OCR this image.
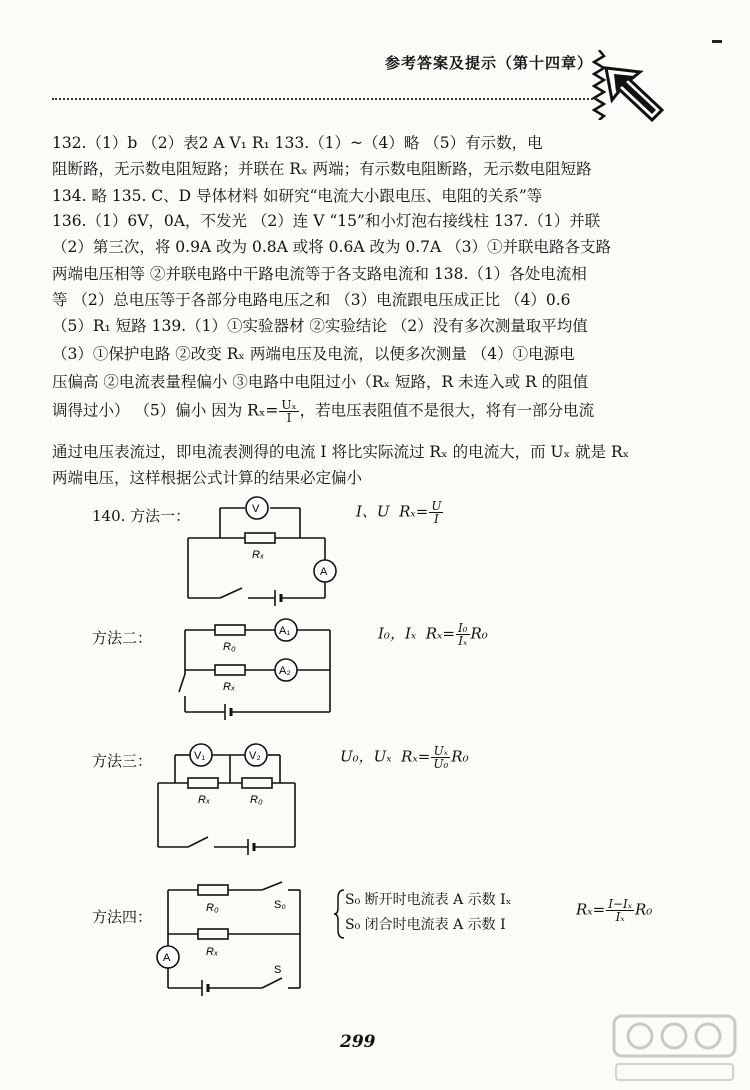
参考答案及提示（第十四章）
132.（1）b （2）表2 A V₁ R₁ 133.（1）~（4）略 （5）有示数，电
阻断路，无示数电阻短路；并联在 Rₓ 两端；有示数电阻断路，无示数电阻短路
134. 略 135. C、D 导体材料 如研究“电流大小跟电压、电阻的关系”等
136.（1）6V，0A，不发光 （2）连 V “15”和小灯泡右接线柱 137.（1）并联
（2）第三次，将 0.9A 改为 0.8A 或将 0.6A 改为 0.7A （3）①并联电路各支路
两端电压相等 ②并联电路中干路电流等于各支路电流和 138.（1）各处电流相
等 （2）总电压等于各部分电路电压之和 （3）电流跟电压成正比 （4）0.6
（5）R₁ 短路 139.（1）①实验器材 ②实验结论 （2）没有多次测量取平均值
（3）①保护电路 ②改变 Rₓ 两端电压及电流，以便多次测量 （4）①电源电
压偏高 ②电流表量程偏小 ③电路中电阻过小（Rₓ 短路，R 未连入或 R 的阻值
调得过小） （5）偏小 因为 $R_x= \frac{\text{Uₓ}}{I}$ ，若电压表阻值不是很大，将有一部分电流
通过电压表流过，即电流表测得的电流 I 将比实际流过 Rₓ 的电流大，而 Uₓ 就是 Rₓ
两端电压，这样根据公式计算的结果必定偏小
140. 方法一：	I、U $R_x= \frac{U}{I}$
V
A
Rₓ
方法二：	I₀，Iₓ $R_x= \frac{\text{I₀}}{\text{Iₓ}} R_0$
A₁
A₂
R₀
Rₓ
方法三：	U₀，Uₓ $R_x= \frac{\text{Uₓ}}{\text{U₀}} R_0$
V₁	V₂
Rₓ	R₀
方法四：
S₀ 断开时电流表 A 示数 Iₓ
S₀ 闭合时电流表 A 示数 I
$R_x= \frac{\text{I−Iₓ}}{\text{Iₓ}} R_0$
A
R₀
Rₓ
S₀
S
299
